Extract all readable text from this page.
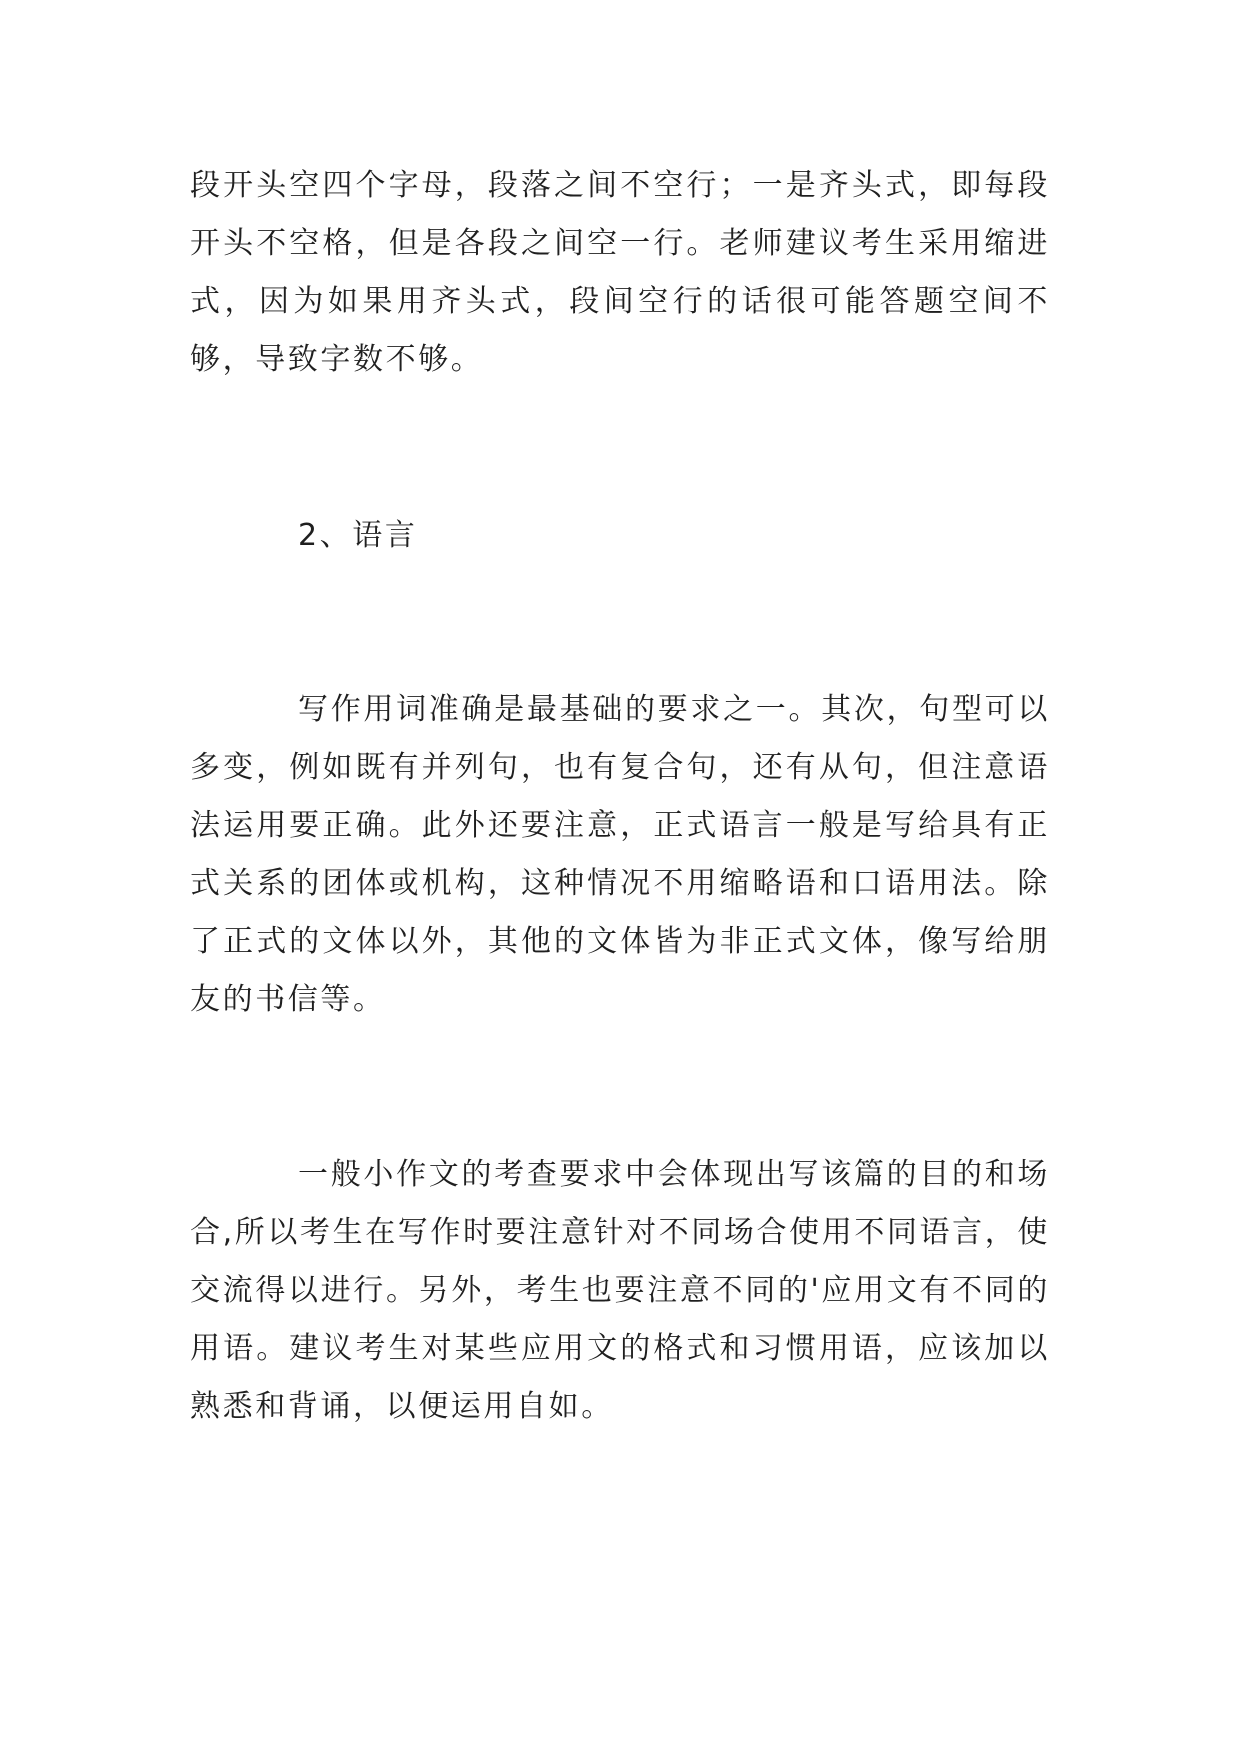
段开头空四个字母，段落之间不空行；一是齐头式，即每段开头不空格，但是各段之间空一行。老师建议考生采用缩进式，因为如果用齐头式，段间空行的话很可能答题空间不够，导致字数不够。

2、语言

写作用词准确是最基础的要求之一。其次，句型可以多变，例如既有并列句，也有复合句，还有从句，但注意语法运用要正确。此外还要注意，正式语言一般是写给具有正式关系的团体或机构，这种情况不用缩略语和口语用法。除了正式的文体以外，其他的文体皆为非正式文体，像写给朋友的书信等。

一般小作文的考查要求中会体现出写该篇的目的和场合,所以考生在写作时要注意针对不同场合使用不同语言，使交流得以进行。另外，考生也要注意不同的'应用文有不同的用语。建议考生对某些应用文的格式和习惯用语，应该加以熟悉和背诵，以便运用自如。
